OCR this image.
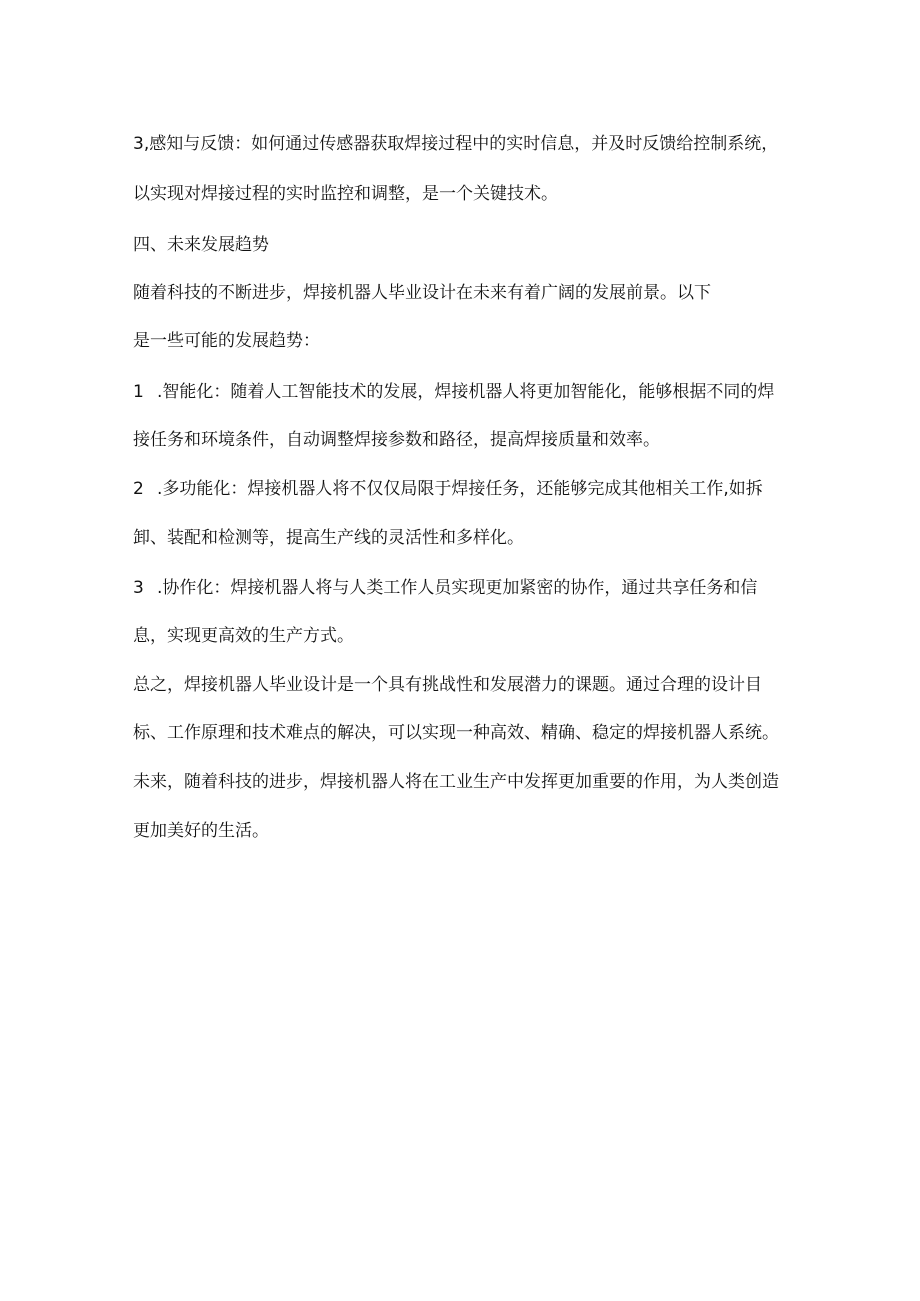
3,感知与反馈：如何通过传感器获取焊接过程中的实时信息，并及时反馈给控制系统，
以实现对焊接过程的实时监控和调整，是一个关键技术。
四、未来发展趋势
随着科技的不断进步，焊接机器人毕业设计在未来有着广阔的发展前景。以下
是一些可能的发展趋势：
1 .智能化：随着人工智能技术的发展，焊接机器人将更加智能化，能够根据不同的焊
接任务和环境条件，自动调整焊接参数和路径，提高焊接质量和效率。
2 .多功能化：焊接机器人将不仅仅局限于焊接任务，还能够完成其他相关工作,如拆
卸、装配和检测等，提高生产线的灵活性和多样化。
3 .协作化：焊接机器人将与人类工作人员实现更加紧密的协作，通过共享任务和信
息，实现更高效的生产方式。
总之，焊接机器人毕业设计是一个具有挑战性和发展潜力的课题。通过合理的设计目
标、工作原理和技术难点的解决，可以实现一种高效、精确、稳定的焊接机器人系统。
未来，随着科技的进步，焊接机器人将在工业生产中发挥更加重要的作用，为人类创造
更加美好的生活。
